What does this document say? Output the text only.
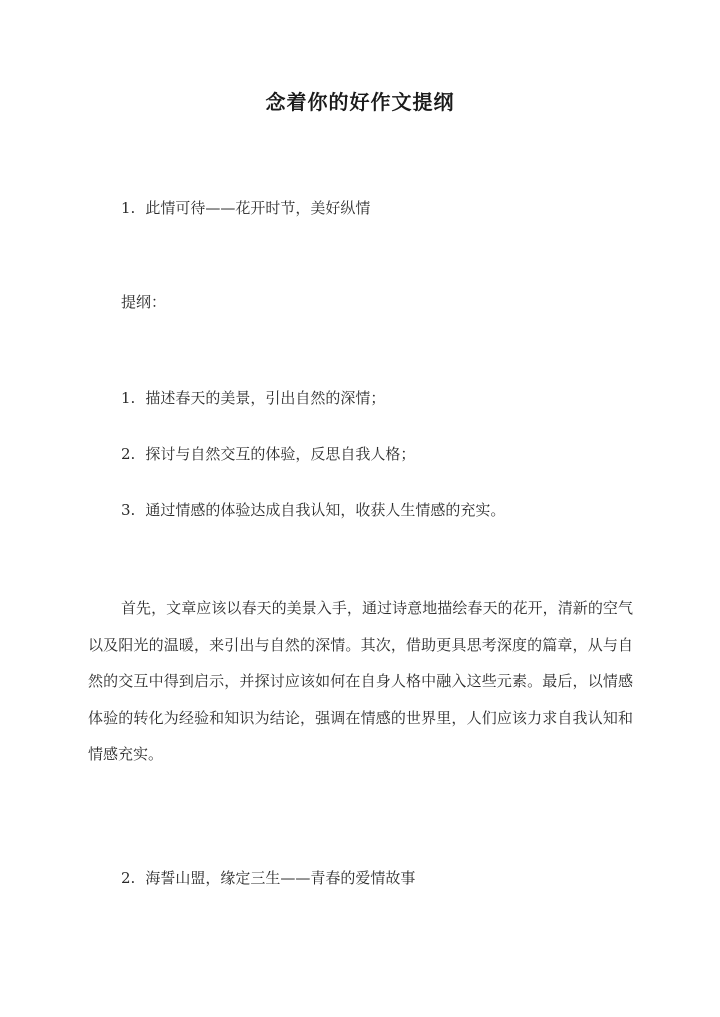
念着你的好作文提纲
1. 此情可待——花开时节，美好纵情
提纲：
1. 描述春天的美景，引出自然的深情；
2. 探讨与自然交互的体验，反思自我人格；
3. 通过情感的体验达成自我认知，收获人生情感的充实。
首先，文章应该以春天的美景入手，通过诗意地描绘春天的花开，清新的空气以及阳光的温暖，来引出与自然的深情。其次，借助更具思考深度的篇章，从与自然的交互中得到启示，并探讨应该如何在自身人格中融入这些元素。最后，以情感体验的转化为经验和知识为结论，强调在情感的世界里，人们应该力求自我认知和情感充实。
2. 海誓山盟，缘定三生——青春的爱情故事
